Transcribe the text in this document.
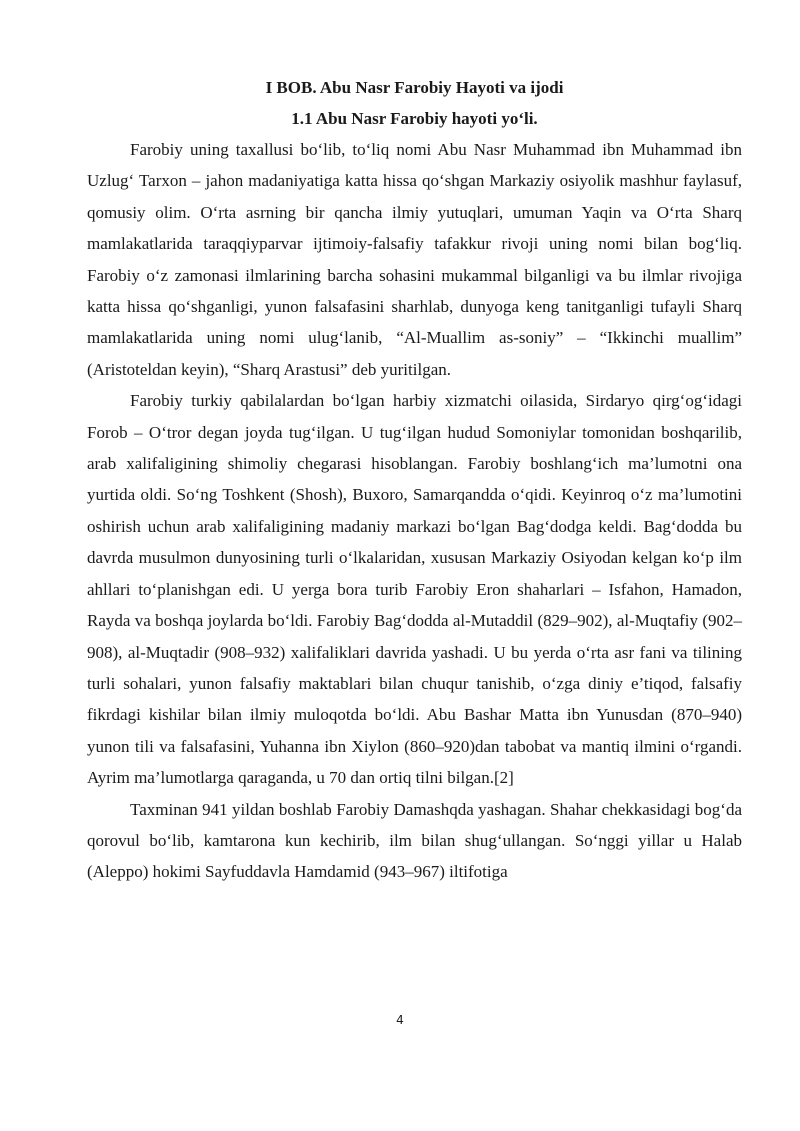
I BOB. Abu Nasr Farobiy Hayoti va ijodi
1.1 Abu Nasr Farobiy hayoti yo‘li.

Farobiy uning taxallusi bo‘lib, to‘liq nomi Abu Nasr Muhammad ibn Muhammad ibn Uzlug‘ Tarxon – jahon madaniyatiga katta hissa qo‘shgan Markaziy osiyolik mashhur faylasuf, qomusiy olim. O‘rta asrning bir qancha ilmiy yutuqlari, umuman Yaqin va O‘rta Sharq mamlakatlarida taraqqiyparvar ijtimoiy-falsafiy tafakkur rivoji uning nomi bilan bog‘liq. Farobiy o‘z zamonasi ilmlarining barcha sohasini mukammal bilganligi va bu ilmlar rivojiga katta hissa qo‘shganligi, yunon falsafasini sharhlab, dunyoga keng tanitganligi tufayli Sharq mamlakatlarida uning nomi ulug‘lanib, “Al-Muallim as-soniy” – “Ikkinchi muallim” (Aristoteldan keyin), “Sharq Arastusi” deb yuritilgan.

Farobiy turkiy qabilalardan bo‘lgan harbiy xizmatchi oilasida, Sirdaryo qirg‘og‘idagi Forob – O‘tror degan joyda tug‘ilgan. U tug‘ilgan hudud Somoniylar tomonidan boshqarilib, arab xalifaligining shimoliy chegarasi hisoblangan. Farobiy boshlang‘ich ma’lumotni ona yurtida oldi. So‘ng Toshkent (Shosh), Buxoro, Samarqandda o‘qidi. Keyinroq o‘z ma’lumotini oshirish uchun arab xalifaligining madaniy markazi bo‘lgan Bag‘dodga keldi. Bag‘dodda bu davrda musulmon dunyosining turli o‘lkalaridan, xususan Markaziy Osiyodan kelgan ko‘p ilm ahllari to‘planishgan edi. U yerga bora turib Farobiy Eron shaharlari – Isfahon, Hamadon, Rayda va boshqa joylarda bo‘ldi. Farobiy Bag‘dodda al-Mutaddil (829–902), al-Muqtafiy (902–908), al-Muqtadir (908–932) xalifaliklari davrida yashadi. U bu yerda o‘rta asr fani va tilining turli sohalari, yunon falsafiy maktablari bilan chuqur tanishib, o‘zga diniy e’tiqod, falsafiy fikrdagi kishilar bilan ilmiy muloqotda bo‘ldi. Abu Bashar Matta ibn Yunusdan (870–940) yunon tili va falsafasini, Yuhanna ibn Xiylon (860–920)dan tabobat va mantiq ilmini o‘rgandi. Ayrim ma’lumotlarga qaraganda, u 70 dan ortiq tilni bilgan.[2]

Taxminan 941 yildan boshlab Farobiy Damashqda yashagan. Shahar chekkasidagi bog‘da qorovul bo‘lib, kamtarona kun kechirib, ilm bilan shug‘ullangan. So‘nggi yillar u Halab (Aleppo) hokimi Sayfuddavla Hamdamid (943–967) iltifotiga

4
